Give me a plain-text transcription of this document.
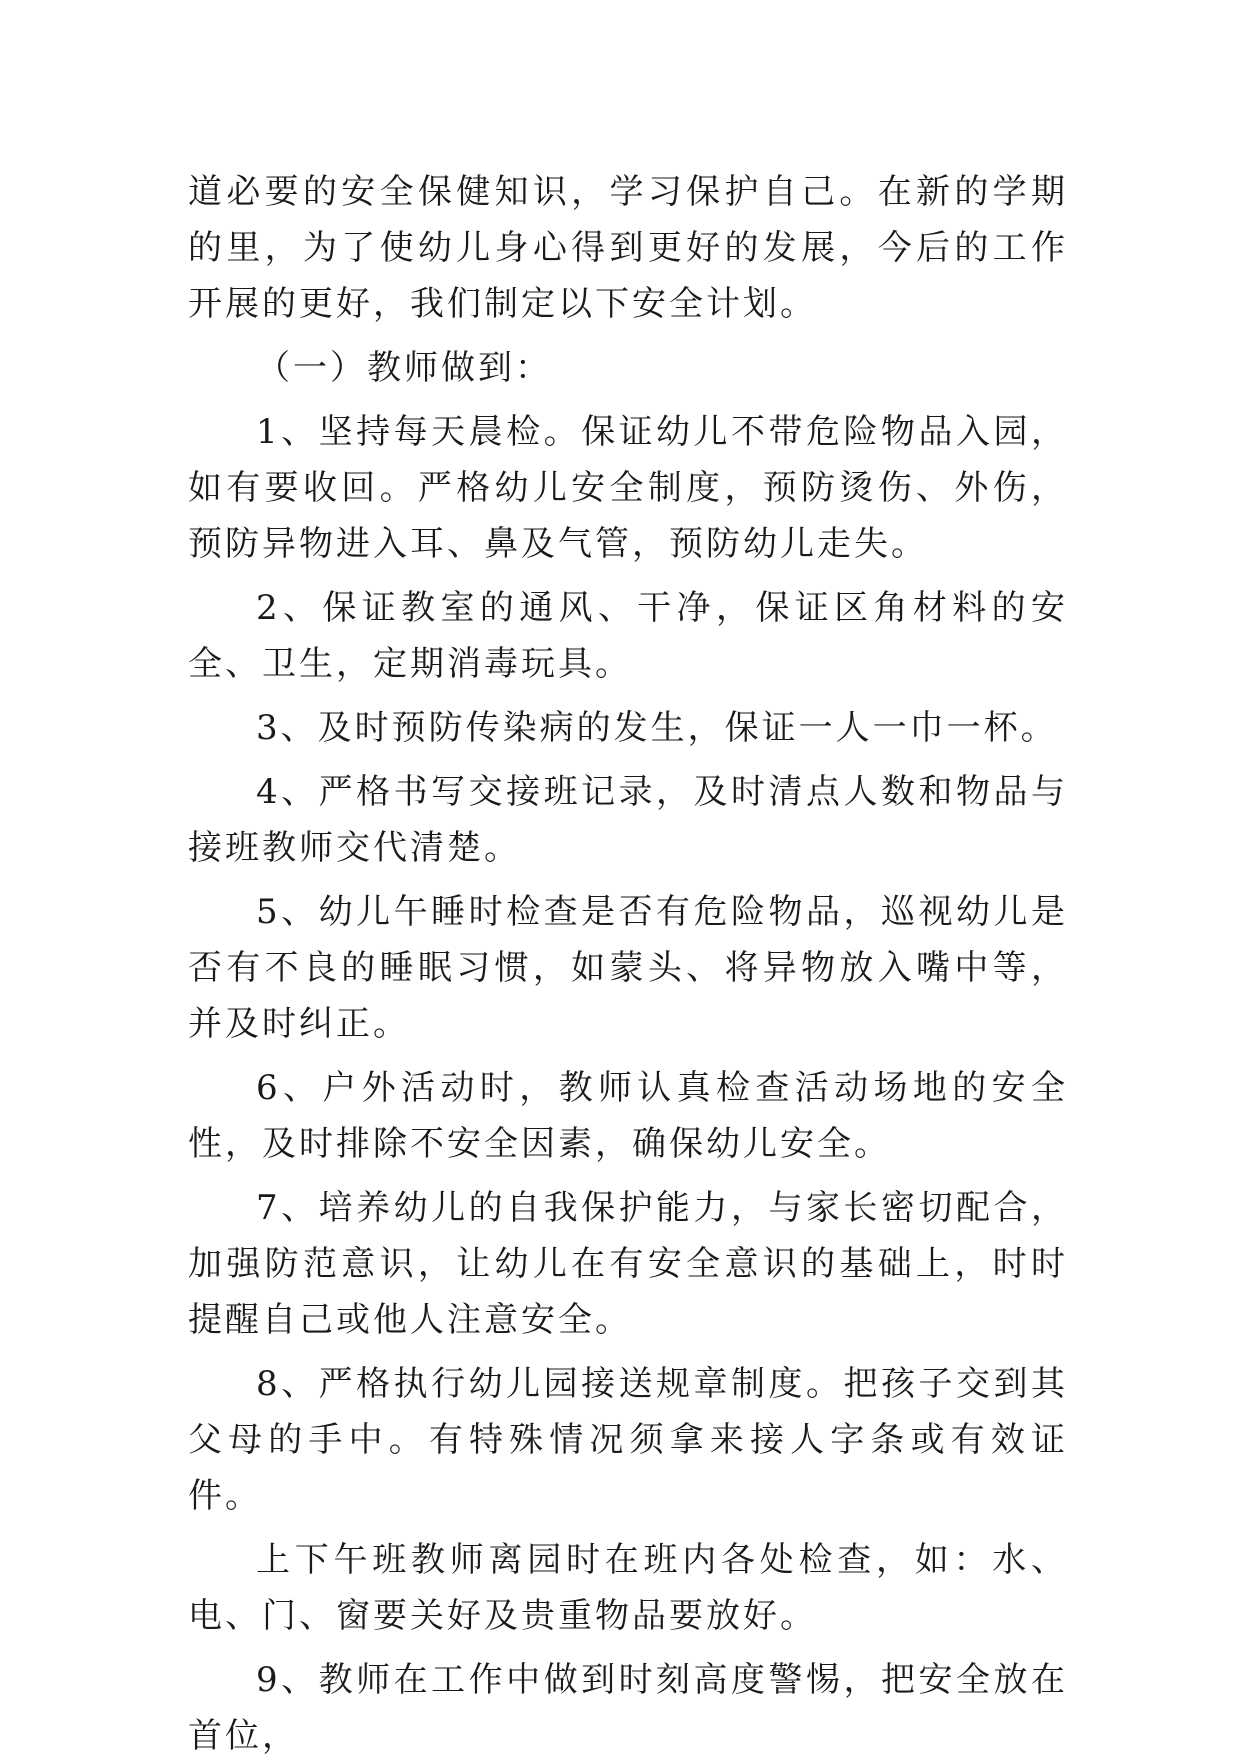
道必要的安全保健知识，学习保护自己。在新的学期的里，为了使幼儿身心得到更好的发展，今后的工作开展的更好，我们制定以下安全计划。

（一）教师做到：

1、坚持每天晨检。保证幼儿不带危险物品入园，如有要收回。严格幼儿安全制度，预防烫伤、外伤，预防异物进入耳、鼻及气管，预防幼儿走失。

2、保证教室的通风、干净，保证区角材料的安全、卫生，定期消毒玩具。

3、及时预防传染病的发生，保证一人一巾一杯。

4、严格书写交接班记录，及时清点人数和物品与接班教师交代清楚。

5、幼儿午睡时检查是否有危险物品，巡视幼儿是否有不良的睡眠习惯，如蒙头、将异物放入嘴中等，并及时纠正。

6、户外活动时，教师认真检查活动场地的安全性，及时排除不安全因素，确保幼儿安全。

7、培养幼儿的自我保护能力，与家长密切配合，加强防范意识，让幼儿在有安全意识的基础上，时时提醒自己或他人注意安全。

8、严格执行幼儿园接送规章制度。把孩子交到其父母的手中。有特殊情况须拿来接人字条或有效证件。

上下午班教师离园时在班内各处检查，如：水、电、门、窗要关好及贵重物品要放好。

9、教师在工作中做到时刻高度警惕，把安全放在首位，
